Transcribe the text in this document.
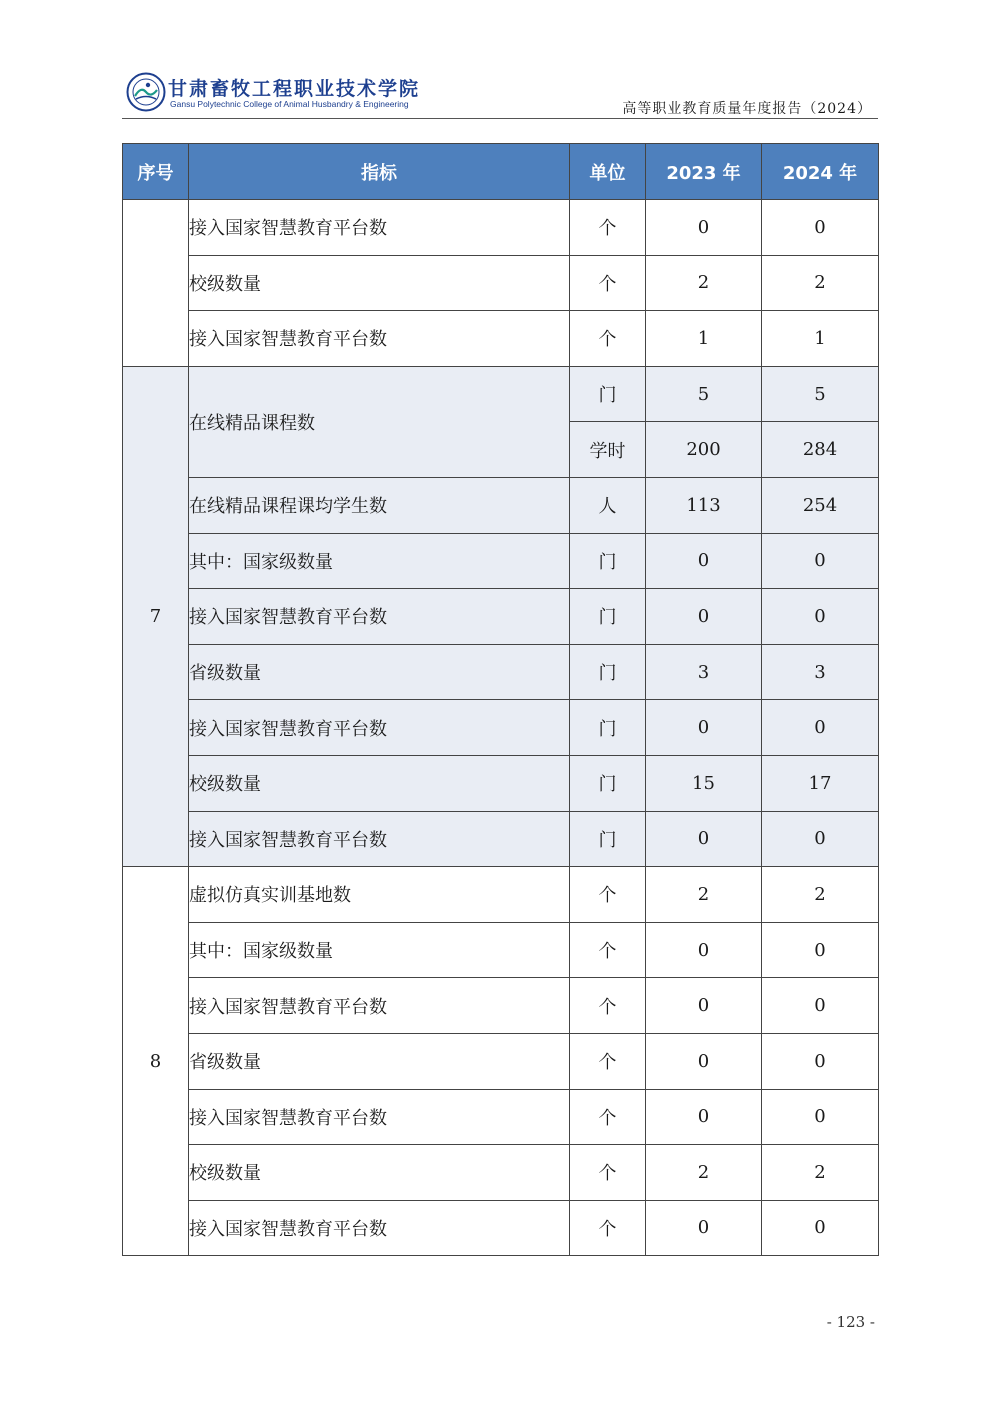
甘肃畜牧工程职业技术学院
Gansu Polytechnic College of Animal Husbandry & Engineering	高等职业教育质量年度报告（2024）
序号	指标	单位	2023 年	2024 年
	接入国家智慧教育平台数	个	0	0
	校级数量	个	2	2
	接入国家智慧教育平台数	个	1	1
7	在线精品课程数	门	5	5
		学时	200	284
	在线精品课程课均学生数	人	113	254
	其中：国家级数量	门	0	0
	接入国家智慧教育平台数	门	0	0
	省级数量	门	3	3
	接入国家智慧教育平台数	门	0	0
	校级数量	门	15	17
	接入国家智慧教育平台数	门	0	0
8	虚拟仿真实训基地数	个	2	2
	其中：国家级数量	个	0	0
	接入国家智慧教育平台数	个	0	0
	省级数量	个	0	0
	接入国家智慧教育平台数	个	0	0
	校级数量	个	2	2
	接入国家智慧教育平台数	个	0	0
- 123 -
